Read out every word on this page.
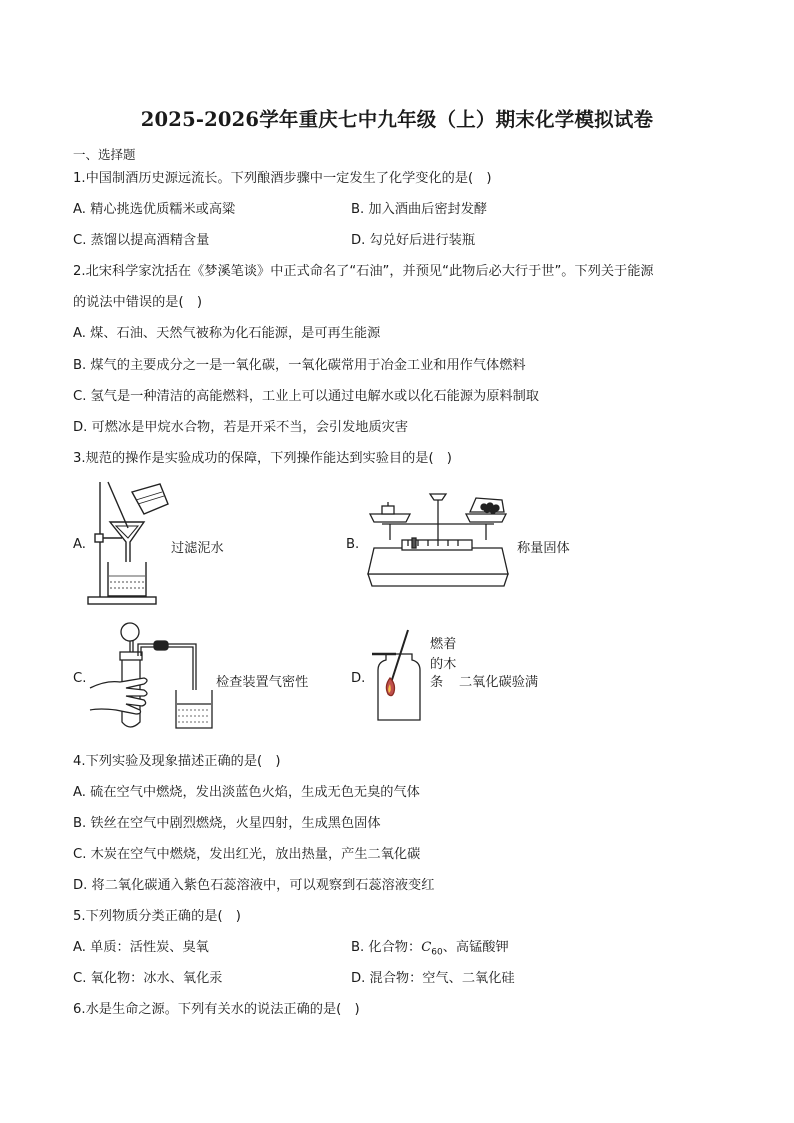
2025-2026学年重庆七中九年级（上）期末化学模拟试卷
一、选择题
1.中国制酒历史源远流长。下列酿酒步骤中一定发生了化学变化的是(　)
A. 精心挑选优质糯米或高粱	B. 加入酒曲后密封发酵
C. 蒸馏以提高酒精含量	D. 勾兑好后进行装瓶
2.北宋科学家沈括在《梦溪笔谈》中正式命名了“石油”，并预见“此物后必大行于世”。下列关于能源
的说法中错误的是(　)
A. 煤、石油、天然气被称为化石能源，是可再生能源
B. 煤气的主要成分之一是一氧化碳，一氧化碳常用于冶金工业和用作气体燃料
C. 氢气是一种清洁的高能燃料，工业上可以通过电解水或以化石能源为原料制取
D. 可燃冰是甲烷水合物，若是开采不当，会引发地质灾害
3.规范的操作是实验成功的保障，下列操作能达到实验目的是(　)
A.	过滤泥水	B.	称量固体
C.	检查装置气密性	D.
燃着
的木
条 二氧化碳验满
4.下列实验及现象描述正确的是(　)
A. 硫在空气中燃烧，发出淡蓝色火焰，生成无色无臭的气体
B. 铁丝在空气中剧烈燃烧，火星四射，生成黑色固体
C. 木炭在空气中燃烧，发出红光，放出热量，产生二氧化碳
D. 将二氧化碳通入紫色石蕊溶液中，可以观察到石蕊溶液变红
5.下列物质分类正确的是(　)
A. 单质：活性炭、臭氧	B. 化合物：$C_{60}$、高锰酸钾
C. 氧化物：冰水、氧化汞	D. 混合物：空气、二氧化硅
6.水是生命之源。下列有关水的说法正确的是(　)
